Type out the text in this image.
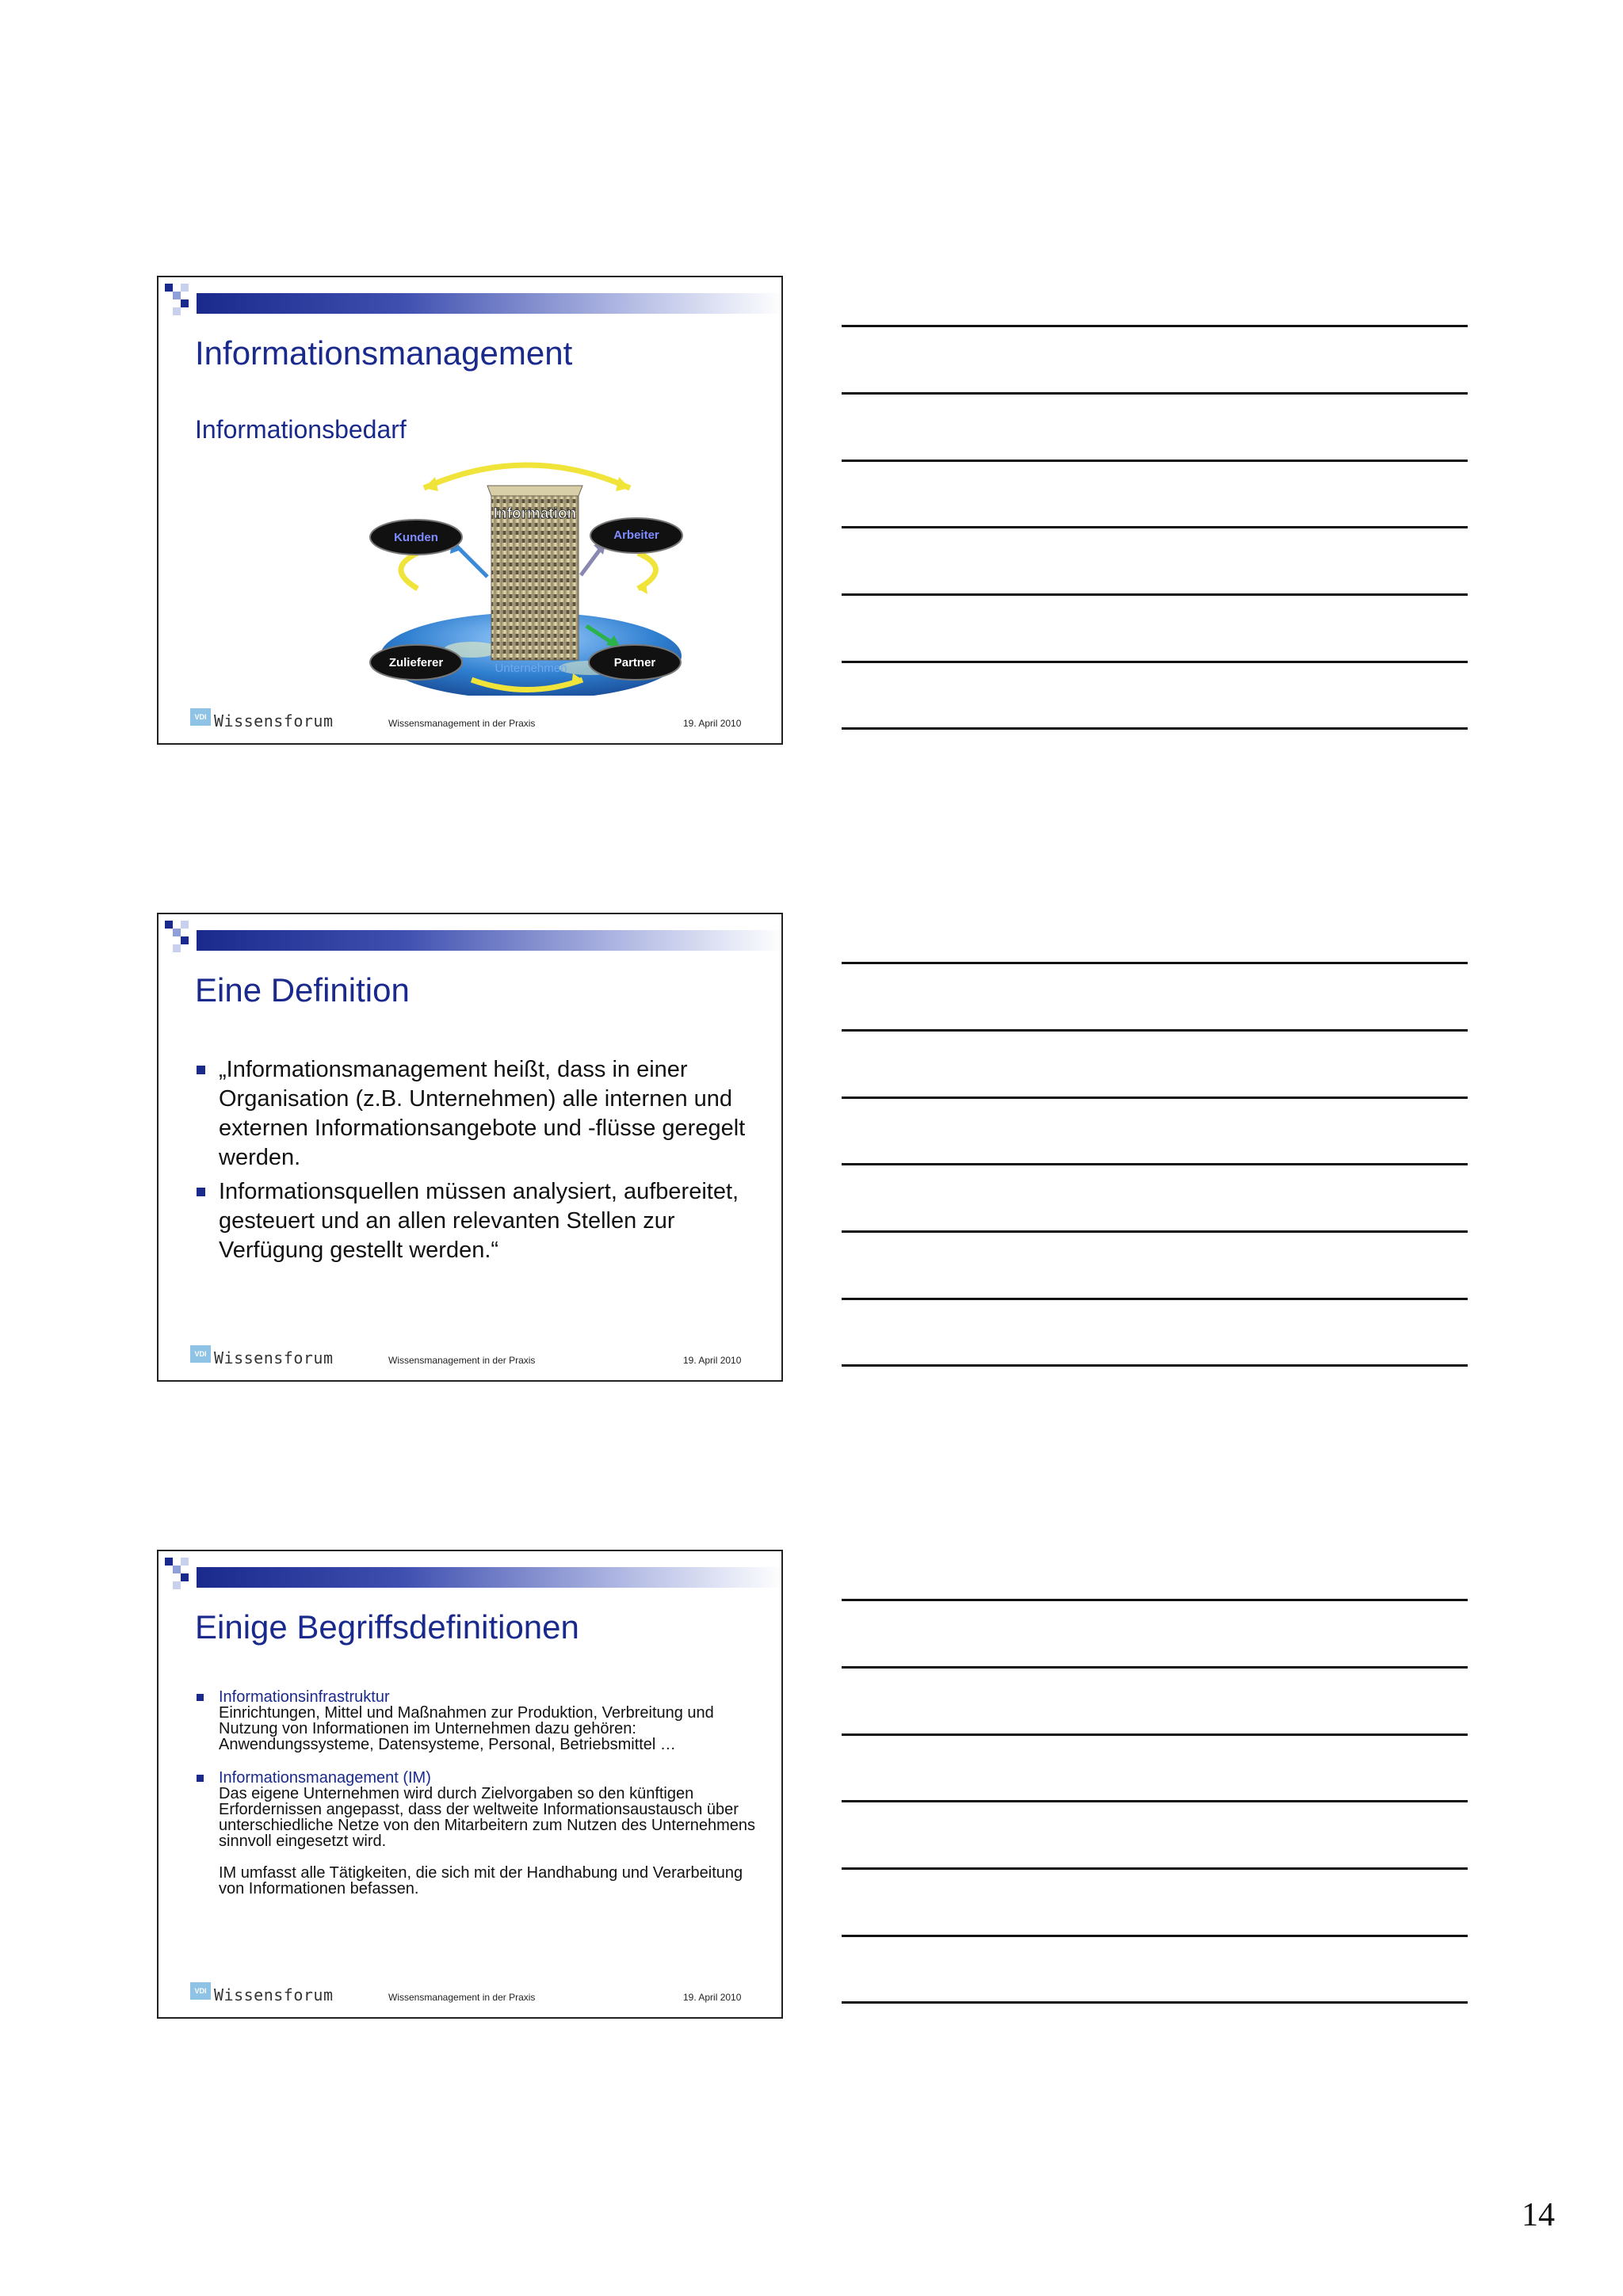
Informationsmanagement
Informationsbedarf
Kunden	Arbeiter
Zulieferer	Partner
Information
Unternehmen
VDI Wissensforum	Wissensmanagement in der Praxis	19. April 2010
Eine Definition
„Informationsmanagement heißt, dass in einer Organisation (z.B. Unternehmen) alle internen und externen Informationsangebote und -flüsse geregelt werden.
Informationsquellen müssen analysiert, aufbereitet, gesteuert und an allen relevanten Stellen zur Verfügung gestellt werden.“
VDI Wissensforum	Wissensmanagement in der Praxis	19. April 2010
Einige Begriffsdefinitionen
Informationsinfrastruktur
Einrichtungen, Mittel und Maßnahmen zur Produktion, Verbreitung und Nutzung von Informationen im Unternehmen dazu gehören: Anwendungssysteme, Datensysteme, Personal, Betriebsmittel …
Informationsmanagement (IM)
Das eigene Unternehmen wird durch Zielvorgaben so den künftigen Erfordernissen angepasst, dass der weltweite Informationsaustausch über unterschiedliche Netze von den Mitarbeitern zum Nutzen des Unternehmens sinnvoll eingesetzt wird.
IM umfasst alle Tätigkeiten, die sich mit der Handhabung und Verarbeitung von Informationen befassen.
VDI Wissensforum	Wissensmanagement in der Praxis	19. April 2010
14
